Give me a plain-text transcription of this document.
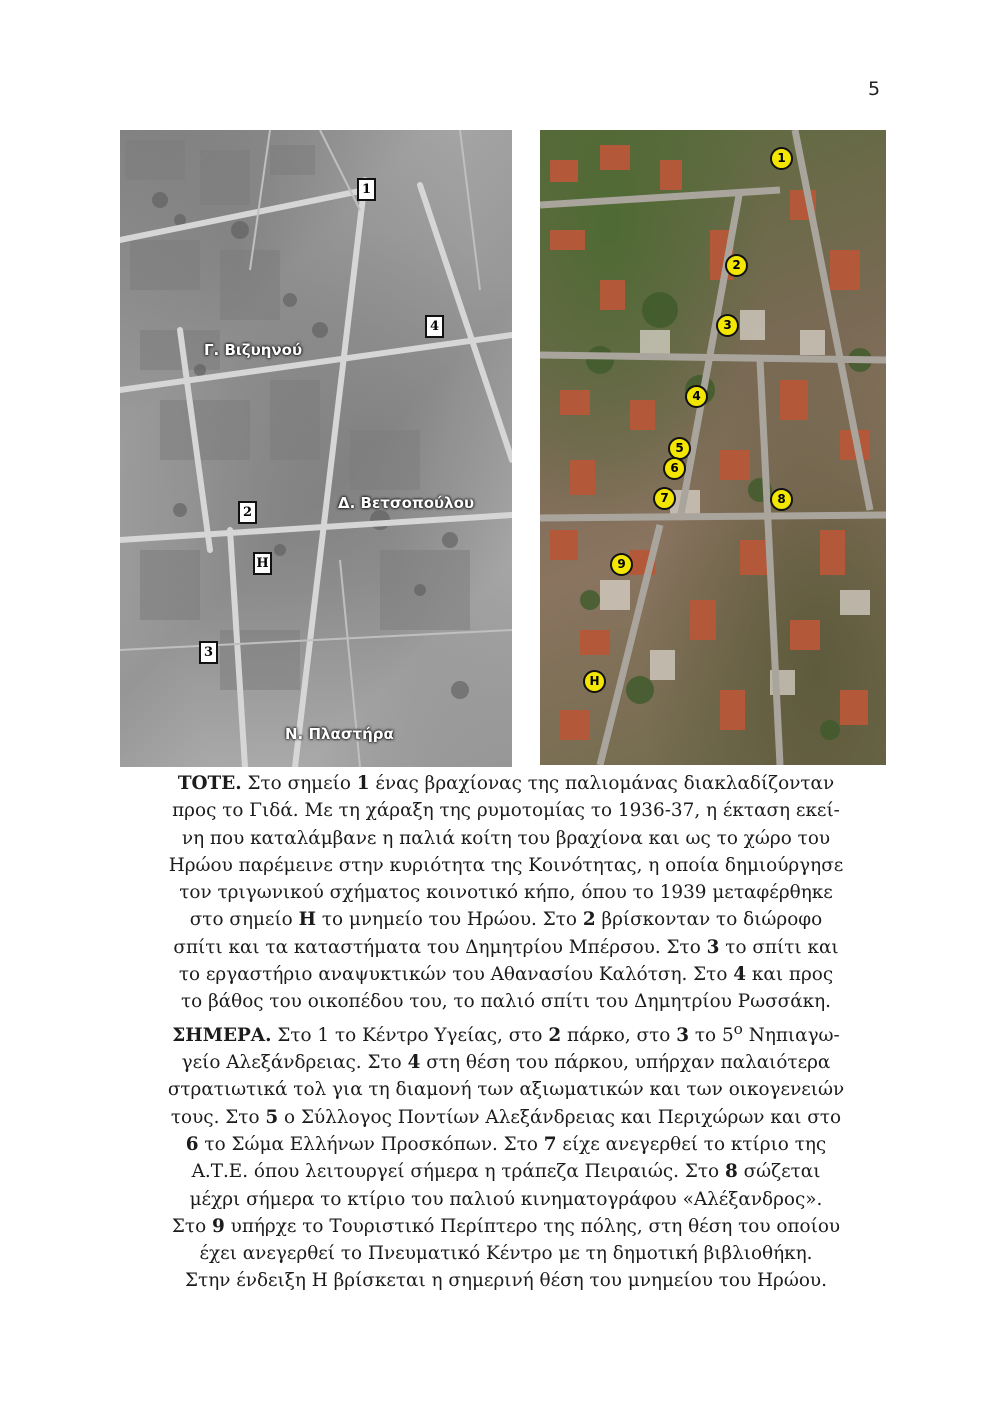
5
Γ. Βιζυηνού
Δ. Βετσοπούλου
Ν. Πλαστήρα
1
4
2
Η
3
1
2
3
4
5
6
7	8
9
Η

ΤΟΤΕ. Στο σημείο 1 ένας βραχίονας της παλιομάνας διακλαδίζονταν

προς το Γιδά. Με τη χάραξη της ρυμοτομίας το 1936-37, η έκταση εκεί-

νη που καταλάμβανε η παλιά κοίτη του βραχίονα και ως το χώρο του

Ηρώου παρέμεινε στην κυριότητα της Κοινότητας, η οποία δημιούργησε

τον τριγωνικού σχήματος κοινοτικό κήπο, όπου το 1939 μεταφέρθηκε

στο σημείο Η το μνημείο του Ηρώου. Στο 2 βρίσκονταν το διώροφο

σπίτι και τα καταστήματα του Δημητρίου Μπέρσου. Στο 3 το σπίτι και

το εργαστήριο αναψυκτικών του Αθανασίου Καλότση. Στο 4 και προς

το βάθος του οικοπέδου του, το παλιό σπίτι του Δημητρίου Ρωσσάκη.

ΣΗΜΕΡΑ. Στο 1 το Κέντρο Υγείας, στο 2 πάρκο, στο 3 το $5^o$ Νηπιαγω-

γείο Αλεξάνδρειας. Στο 4 στη θέση του πάρκου, υπήρχαν παλαιότερα

στρατιωτικά τολ για τη διαμονή των αξιωματικών και των οικογενειών

τους. Στο 5 ο Σύλλογος Ποντίων Αλεξάνδρειας και Περιχώρων και στο

6 το Σώμα Ελλήνων Προσκόπων. Στο 7 είχε ανεγερθεί το κτίριο της

Α.Τ.Ε. όπου λειτουργεί σήμερα η τράπεζα Πειραιώς. Στο 8 σώζεται

μέχρι σήμερα το κτίριο του παλιού κινηματογράφου «Αλέξανδρος».

Στο 9 υπήρχε το Τουριστικό Περίπτερο της πόλης, στη θέση του οποίου

έχει ανεγερθεί το Πνευματικό Κέντρο με τη δημοτική βιβλιοθήκη.

Στην ένδειξη Η βρίσκεται η σημερινή θέση του μνημείου του Ηρώου.
